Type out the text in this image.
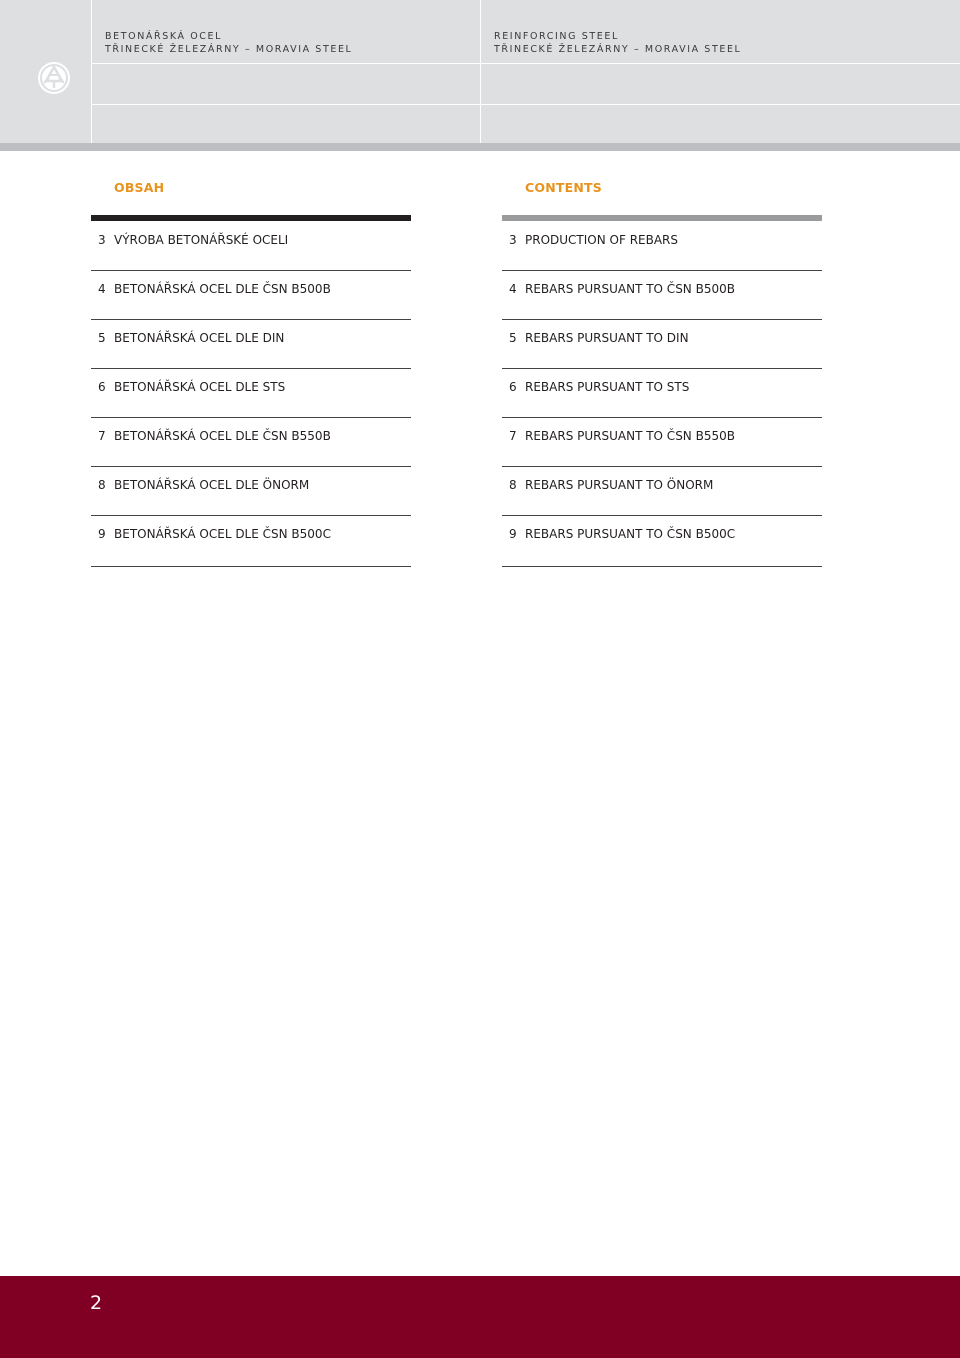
BETONÁŘSKÁ OCEL
TŘINECKÉ ŽELEZÁRNY – MORAVIA STEEL
REINFORCING STEEL
TŘINECKÉ ŽELEZÁRNY – MORAVIA STEEL
OBSAH	CONTENTS
3 VÝROBA BETONÁŘSKÉ OCELI
4 BETONÁŘSKÁ OCEL DLE ČSN B500B
5 BETONÁŘSKÁ OCEL DLE DIN
6 BETONÁŘSKÁ OCEL DLE STS
7 BETONÁŘSKÁ OCEL DLE ČSN B550B
8 BETONÁŘSKÁ OCEL DLE ÖNORM
9 BETONÁŘSKÁ OCEL DLE ČSN B500C
3 PRODUCTION OF REBARS
4 REBARS PURSUANT TO ČSN B500B
5 REBARS PURSUANT TO DIN
6 REBARS PURSUANT TO STS
7 REBARS PURSUANT TO ČSN B550B
8 REBARS PURSUANT TO ÖNORM
9 REBARS PURSUANT TO ČSN B500C
2
